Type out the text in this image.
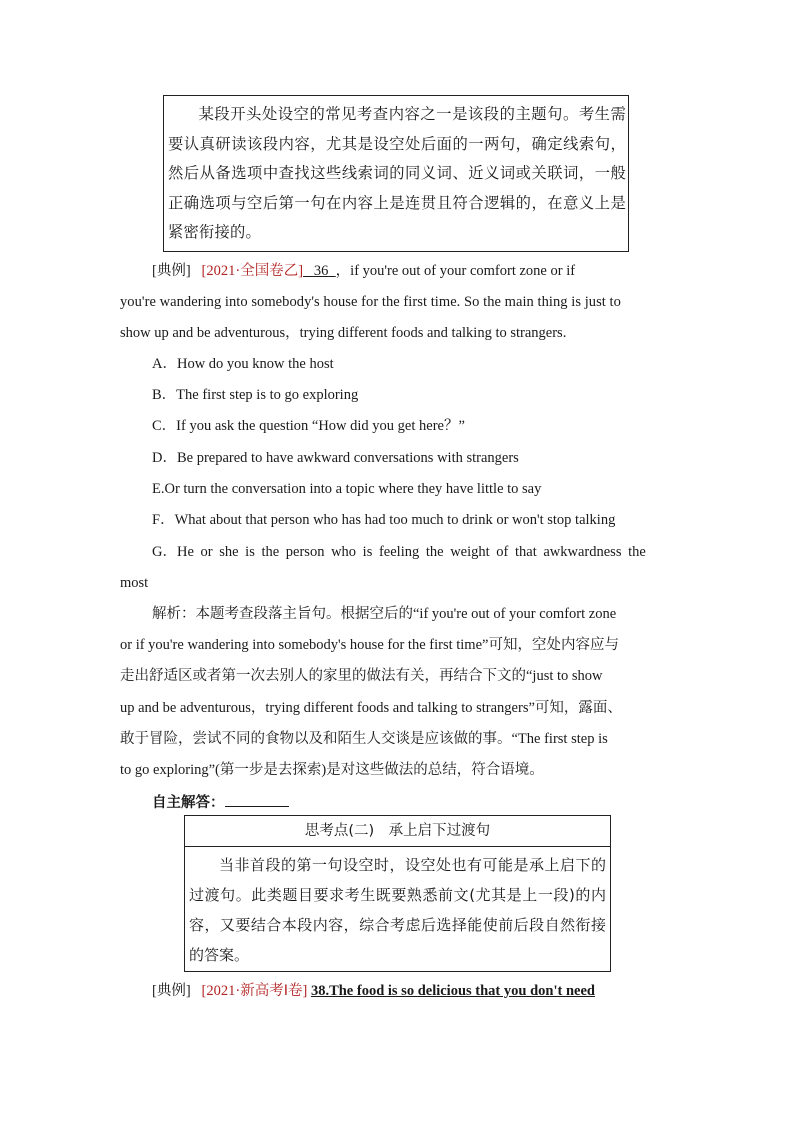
某段开头处设空的常见考查内容之一是该段的主题句。考生需要认真研读该段内容，尤其是设空处后面的一两句，确定线索句，然后从备选项中查找这些线索词的同义词、近义词或关联词，一般正确选项与空后第一句在内容上是连贯且符合逻辑的，在意义上是紧密衔接的。
[典例] [2021·全国卷乙] 36 ，if you're out of your comfort zone or if
you're wandering into somebody's house for the first time. So the main thing is just to
show up and be adventurous，trying different foods and talking to strangers.
A．How do you know the host
B．The first step is to go exploring
C．If you ask the question “How did you get here？”
D．Be prepared to have awkward conversations with strangers
E.Or turn the conversation into a topic where they have little to say
F．What about that person who has had too much to drink or won't stop talking
G．He or she is the person who is feeling the weight of that awkwardness the
most
解析：本题考查段落主旨句。根据空后的“if you're out of your comfort zone
or if you're wandering into somebody's house for the first time”可知，空处内容应与
走出舒适区或者第一次去别人的家里的做法有关，再结合下文的“just to show
up and be adventurous，trying different foods and talking to strangers”可知，露面、
敢于冒险，尝试不同的食物以及和陌生人交谈是应该做的事。“The first step is
to go exploring”(第一步是去探索)是对这些做法的总结，符合语境。
自主解答：
思考点(二)　承上启下过渡句
当非首段的第一句设空时，设空处也有可能是承上启下的过渡句。此类题目要求考生既要熟悉前文(尤其是上一段)的内容，又要结合本段内容，综合考虑后选择能使前后段自然衔接的答案。
[典例] [2021·新高考Ⅰ卷] 38.The food is so delicious that you don't need
